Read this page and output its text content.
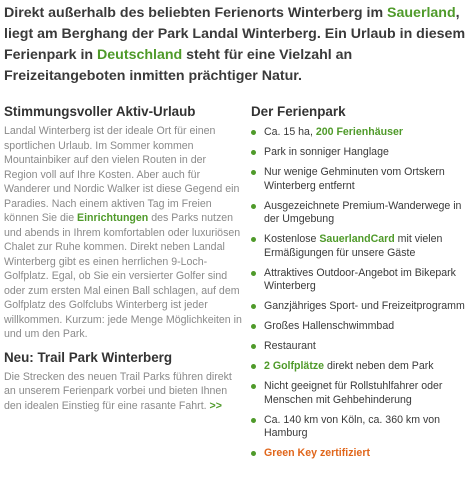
Direkt außerhalb des beliebten Ferienorts Winterberg im Sauerland, liegt am Berghang der Park Landal Winterberg. Ein Urlaub in diesem Ferienpark in Deutschland steht für eine Vielzahl an Freizeitangeboten inmitten prächtiger Natur.
Stimmungsvoller Aktiv-Urlaub

Landal Winterberg ist der ideale Ort für einen sportlichen Urlaub. Im Sommer kommen Mountainbiker auf den vielen Routen in der Region voll auf Ihre Kosten. Aber auch für Wanderer und Nordic Walker ist diese Gegend ein Paradies. Nach einem aktiven Tag im Freien können Sie die Einrichtungen des Parks nutzen und abends in Ihrem komfortablen oder luxuriösen Chalet zur Ruhe kommen. Direkt neben Landal Winterberg gibt es einen herrlichen 9-Loch-Golfplatz. Egal, ob Sie ein versierter Golfer sind oder zum ersten Mal einen Ball schlagen, auf dem Golfplatz des Golfclubs Winterberg ist jeder willkommen. Kurzum: jede Menge Möglichkeiten in und um den Park.

Neu: Trail Park Winterberg

Die Strecken des neuen Trail Parks führen direkt an unserem Ferienpark vorbei und bieten Ihnen den idealen Einstieg für eine rasante Fahrt. >>

Der Ferienpark
Ca. 15 ha, 200 Ferienhäuser
Park in sonniger Hanglage
Nur wenige Gehminuten vom Ortskern Winterberg entfernt
Ausgezeichnete Premium-Wanderwege in der Umgebung
Kostenlose SauerlandCard mit vielen Ermäßigungen für unsere Gäste
Attraktives Outdoor-Angebot im Bikepark Winterberg
Ganzjähriges Sport- und Freizeitprogramm
Großes Hallenschwimmbad
Restaurant
2 Golfplätze direkt neben dem Park
Nicht geeignet für Rollstuhlfahrer oder Menschen mit Gehbehinderung
Ca. 140 km von Köln, ca. 360 km von Hamburg
Green Key zertifiziert
